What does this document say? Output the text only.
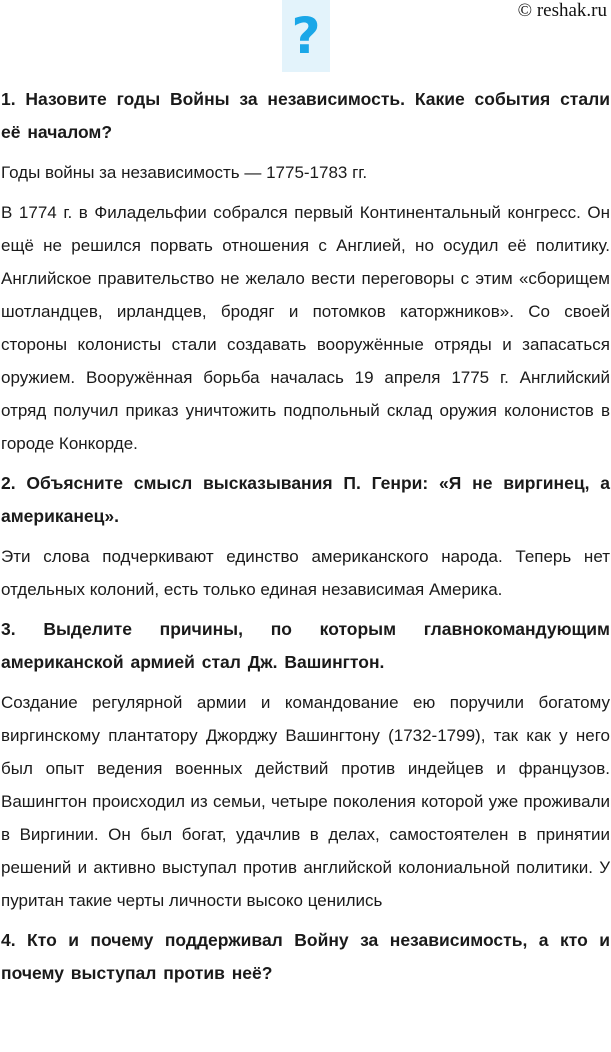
© reshak.ru
?
1. Назовите годы Войны за независимость. Какие события стали её началом?

Годы войны за независимость — 1775-1783 гг.

В 1774 г. в Филадельфии собрался первый Континентальный конгресс. Он ещё не решился порвать отношения с Англией, но осудил её политику. Английское правительство не желало вести переговоры с этим «сборищем шотландцев, ирландцев, бродяг и потомков каторжников». Со своей стороны колонисты стали создавать вооружённые отряды и запасаться оружием. Вооружённая борьба началась 19 апреля 1775 г. Английский отряд получил приказ уничтожить подпольный склад оружия колонистов в городе Конкорде.

2. Объясните смысл высказывания П. Генри: «Я не виргинец, а американец».

Эти слова подчеркивают единство американского народа. Теперь нет отдельных колоний, есть только единая независимая Америка.

3. Выделите причины, по которым главнокомандующим американской армией стал Дж. Вашингтон.

Создание регулярной армии и командование ею поручили богатому виргинскому плантатору Джорджу Вашингтону (1732-1799), так как у него был опыт ведения военных действий против индейцев и французов. Вашингтон происходил из семьи, четыре поколения которой уже проживали в Виргинии. Он был богат, удачлив в делах, самостоятелен в принятии решений и активно выступал против английской колониальной политики. У пуритан такие черты личности высоко ценились

4. Кто и почему поддерживал Войну за независимость, а кто и почему выступал против неё?
